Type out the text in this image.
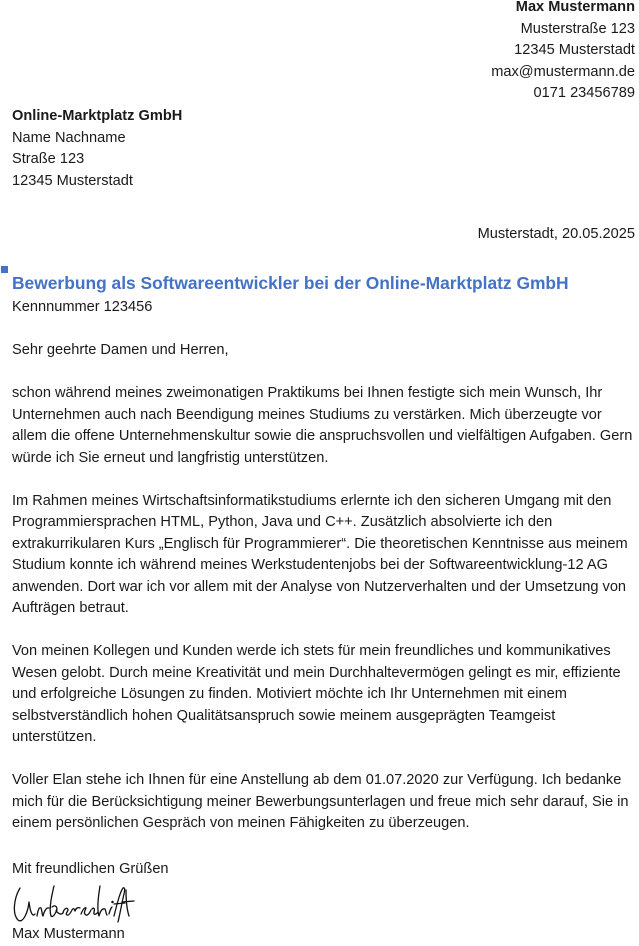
Max Mustermann
Musterstraße 123
12345 Musterstadt
max@mustermann.de
0171 23456789
Online-Marktplatz GmbH
Name Nachname
Straße 123
12345 Musterstadt
Musterstadt, 20.05.2025
Bewerbung als Softwareentwickler bei der Online-Marktplatz GmbH
Kennnummer 123456

Sehr geehrte Damen und Herren,

schon während meines zweimonatigen Praktikums bei Ihnen festigte sich mein Wunsch, Ihr Unternehmen auch nach Beendigung meines Studiums zu verstärken. Mich überzeugte vor allem die offene Unternehmenskultur sowie die anspruchsvollen und vielfältigen Aufgaben. Gern würde ich Sie erneut und langfristig unterstützen.

Im Rahmen meines Wirtschaftsinformatikstudiums erlernte ich den sicheren Umgang mit den Programmiersprachen HTML, Python, Java und C++. Zusätzlich absolvierte ich den extrakurrikularen Kurs „Englisch für Programmierer“. Die theoretischen Kenntnisse aus meinem Studium konnte ich während meines Werkstudentenjobs bei der Softwareentwicklung-12 AG anwenden. Dort war ich vor allem mit der Analyse von Nutzerverhalten und der Umsetzung von Aufträgen betraut.

Von meinen Kollegen und Kunden werde ich stets für mein freundliches und kommunikatives Wesen gelobt. Durch meine Kreativität und mein Durchhaltevermögen gelingt es mir, effiziente und erfolgreiche Lösungen zu finden. Motiviert möchte ich Ihr Unternehmen mit einem selbstverständlich hohen Qualitätsanspruch sowie meinem ausgeprägten Teamgeist unterstützen.

Voller Elan stehe ich Ihnen für eine Anstellung ab dem 01.07.2020 zur Verfügung. Ich bedanke mich für die Berücksichtigung meiner Bewerbungsunterlagen und freue mich sehr darauf, Sie in einem persönlichen Gespräch von meinen Fähigkeiten zu überzeugen.

Mit freundlichen Grüßen
Max Mustermann
